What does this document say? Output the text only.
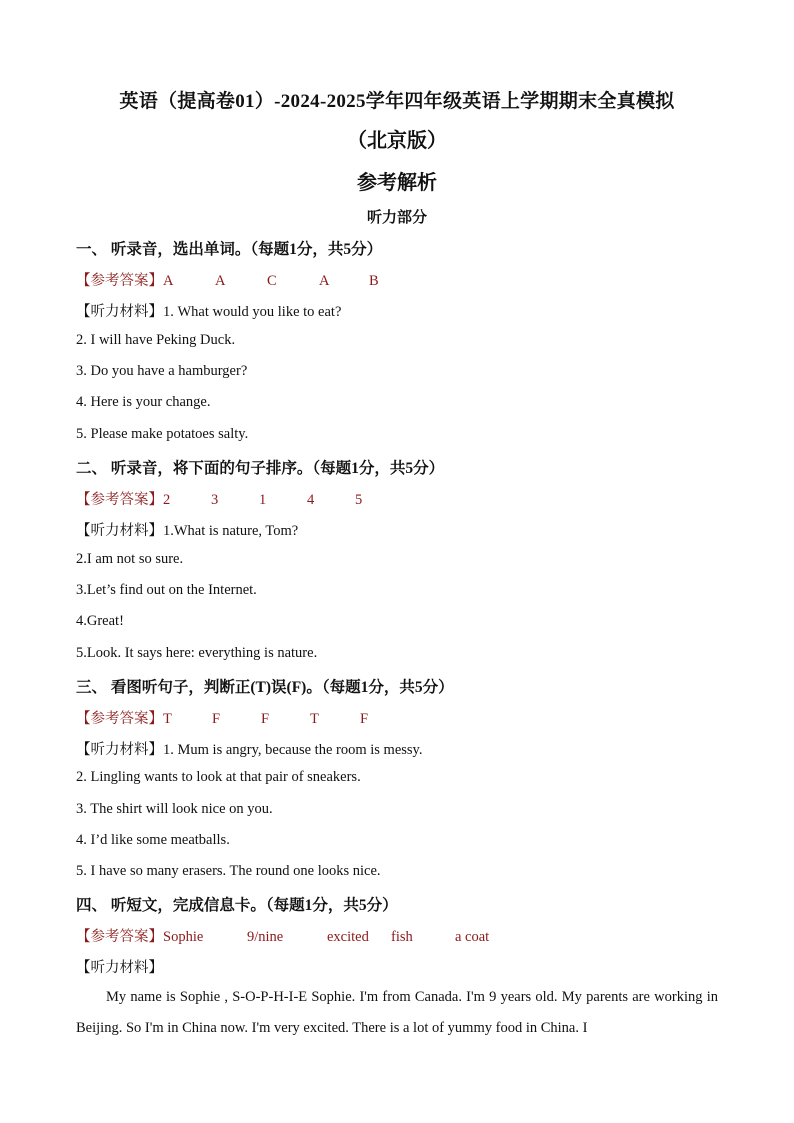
英语（提高卷01）-2024-2025学年四年级英语上学期期末全真模拟
（北京版）
参考解析
听力部分
一、 听录音，选出单词。（每题1分，共5分）
【参考答案】A	A	C	A	B
【听力材料】1. What would you like to eat?
2. I will have Peking Duck.
3. Do you have a hamburger?
4. Here is your change.
5. Please make potatoes salty.
二、 听录音，将下面的句子排序。（每题1分，共5分）
【参考答案】2	3	1	4	5
【听力材料】1.What is nature, Tom?
2.I am not so sure.
3.Let’s find out on the Internet.
4.Great!
5.Look. It says here: everything is nature.
三、 看图听句子，判断正(T)误(F)。（每题1分，共5分）
【参考答案】T	F	F	T	F
【听力材料】1. Mum is angry, because the room is messy.
2. Lingling wants to look at that pair of sneakers.
3. The shirt will look nice on you.
4. I’d like some meatballs.
5. I have so many erasers. The round one looks nice.
四、 听短文，完成信息卡。（每题1分，共5分）
【参考答案】Sophie	9/nine	excited fish	a coat
【听力材料】
My name is Sophie , S-O-P-H-I-E Sophie. I'm from Canada. I'm 9 years old. My parents are working in Beijing. So I'm in China now. I'm very excited. There is a lot of yummy food in China. I
